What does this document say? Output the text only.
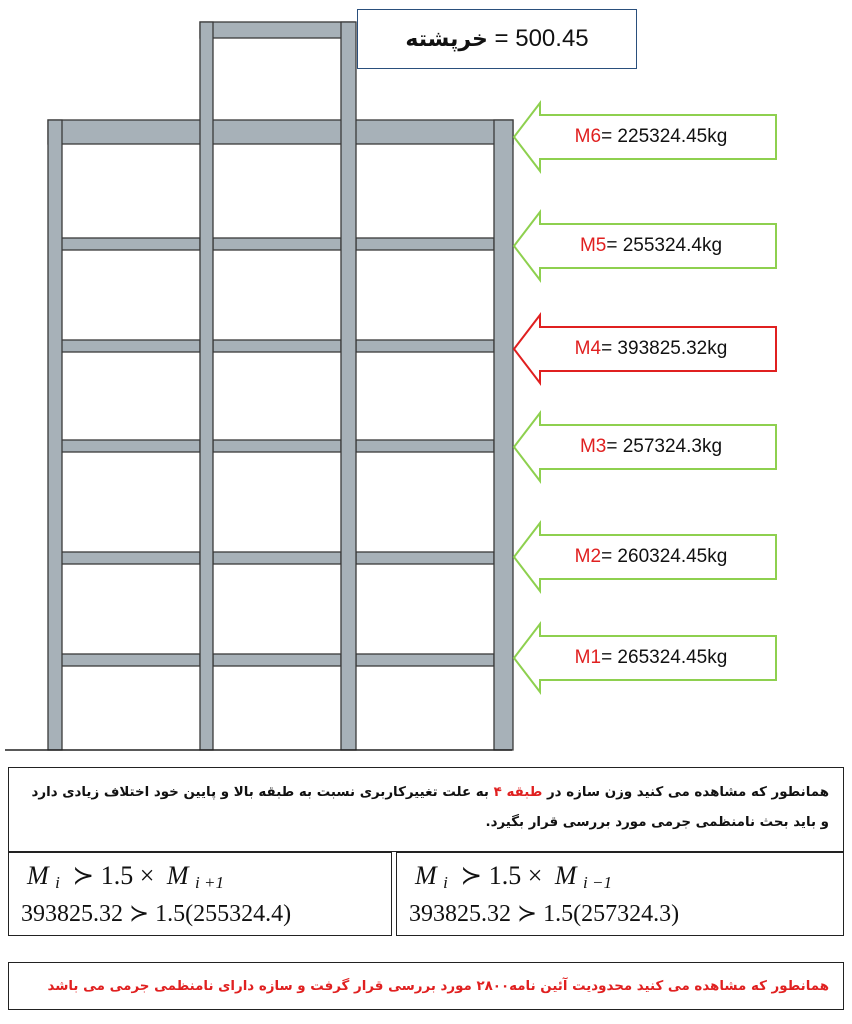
خرپشته = 500.45
M6 = 225324.45kg
M5 = 255324.4kg
M4 = 393825.32kg
M3 = 257324.3kg
M2 = 260324.45kg
M1 = 265324.45kg
همانطور که مشاهده می کنید وزن سازه در طبقه ۴ به علت تغییرکاربری نسبت به طبقه بالا و پایین خود اختلاف زیادی دارد و باید بحث نامنظمی جرمی مورد بررسی قرار بگیرد.
M $_i$ ≻ 1.5 × M $_{i +1}$
393825.32 ≻ 1.5(255324.4)
M $_i$ ≻ 1.5 × M $_{i -1}$
393825.32 ≻ 1.5(257324.3)
همانطور که مشاهده می کنید محدودیت آئین نامه۲۸۰۰ مورد بررسی قرار گرفت و سازه دارای نامنظمی جرمی می باشد
